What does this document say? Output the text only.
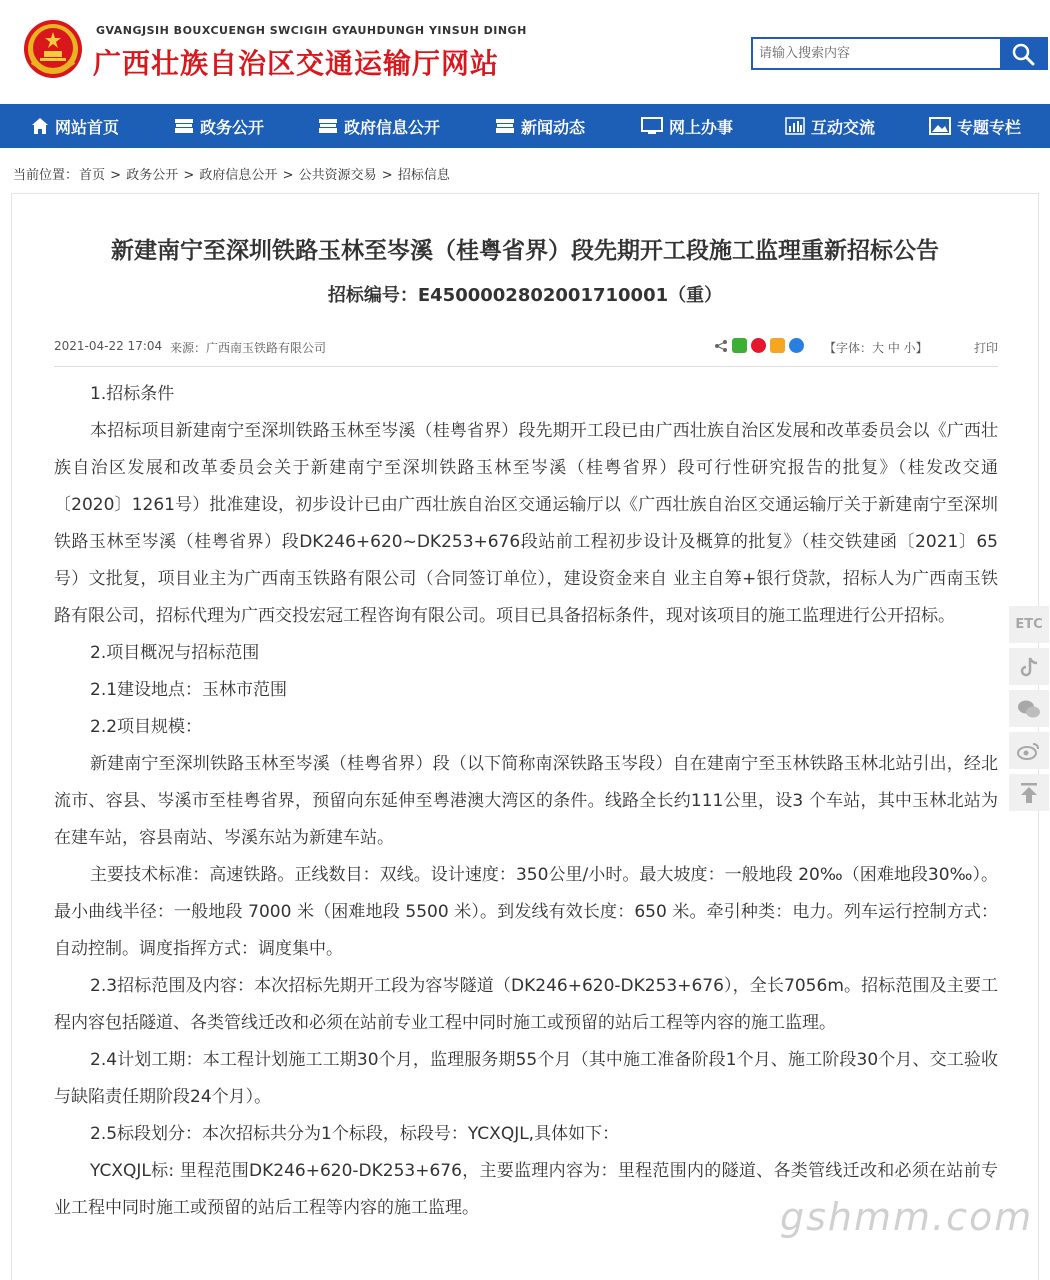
GVANGJSIH BOUXCUENGH SWCIGIH GYAUHDUNGH YINSUH DINGH
广西壮族自治区交通运输厅网站
请输入搜索内容
网站首页	政务公开	政府信息公开	新闻动态	网上办事	互动交流	专题专栏
当前位置：首页 > 政务公开 > 政府信息公开 > 公共资源交易 > 招标信息
新建南宁至深圳铁路玉林至岑溪（桂粤省界）段先期开工段施工监理重新招标公告
招标编号：E4500002802001710001（重）
2021-04-22 17:04 来源：广西南玉铁路有限公司	【字体：大 中 小】	打印

1.招标条件

本招标项目新建南宁至深圳铁路玉林至岑溪（桂粤省界）段先期开工段已由广西壮族自治区发展和改革委员会以《广西壮族自治区发展和改革委员会关于新建南宁至深圳铁路玉林至岑溪（桂粤省界）段可行性研究报告的批复》（桂发改交通〔2020〕1261号）批准建设，初步设计已由广西壮族自治区交通运输厅以《广西壮族自治区交通运输厅关于新建南宁至深圳铁路玉林至岑溪（桂粤省界）段DK246+620~DK253+676段站前工程初步设计及概算的批复》（桂交铁建函〔2021〕65号）文批复，项目业主为广西南玉铁路有限公司（合同签订单位），建设资金来自 业主自筹+银行贷款，招标人为广西南玉铁路有限公司，招标代理为广西交投宏冠工程咨询有限公司。项目已具备招标条件，现对该项目的施工监理进行公开招标。

2.项目概况与招标范围

2.1建设地点：玉林市范围

2.2项目规模：

新建南宁至深圳铁路玉林至岑溪（桂粤省界）段（以下简称南深铁路玉岑段）自在建南宁至玉林铁路玉林北站引出，经北流市、容县、岑溪市至桂粤省界，预留向东延伸至粤港澳大湾区的条件。线路全长约111公里，设3 个车站，其中玉林北站为在建车站，容县南站、岑溪东站为新建车站。

主要技术标准：高速铁路。正线数目：双线。设计速度：350公里/小时。最大坡度：一般地段 20‰（困难地段30‰）。最小曲线半径：一般地段 7000 米（困难地段 5500 米）。到发线有效长度：650 米。牵引种类：电力。列车运行控制方式：自动控制。调度指挥方式：调度集中。

2.3招标范围及内容：本次招标先期开工段为容岑隧道（DK246+620-DK253+676），全长7056m。招标范围及主要工程内容包括隧道、各类管线迁改和必须在站前专业工程中同时施工或预留的站后工程等内容的施工监理。

2.4计划工期：本工程计划施工工期30个月，监理服务期55个月（其中施工准备阶段1个月、施工阶段30个月、交工验收与缺陷责任期阶段24个月）。

2.5标段划分：本次招标共分为1个标段，标段号：YCXQJL,具体如下：

YCXQJL标: 里程范围DK246+620-DK253+676，主要监理内容为：里程范围内的隧道、各类管线迁改和必须在站前专业工程中同时施工或预留的站后工程等内容的施工监理。

ETC
gshmm.com
